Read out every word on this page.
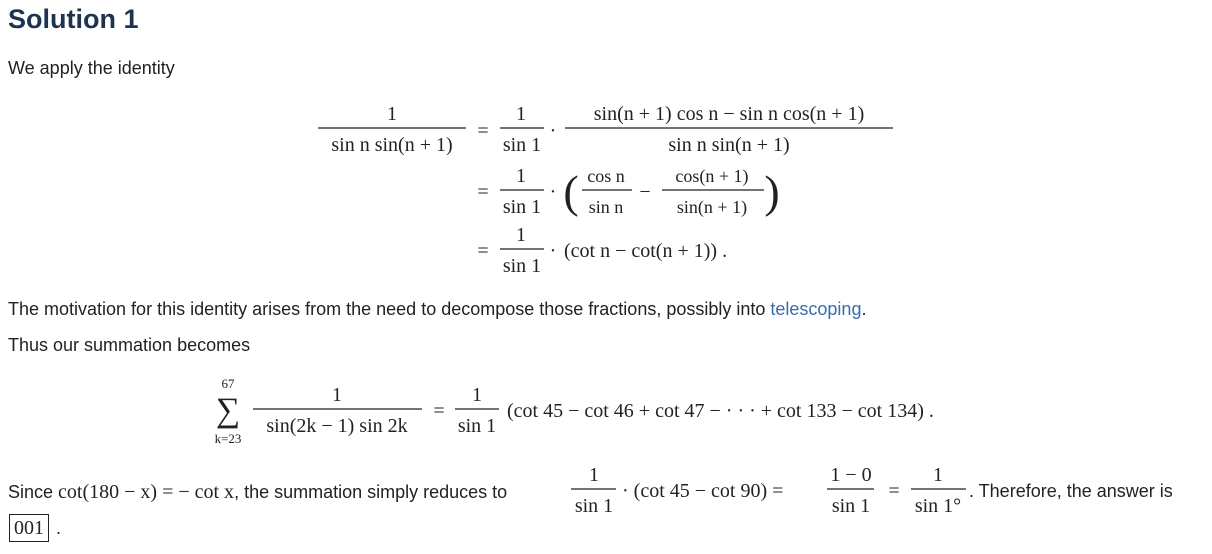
Solution 1
We apply the identity
1
sin n sin(n + 1)
=
1
sin 1
·
sin(n + 1) cos n − sin n cos(n + 1)
sin n sin(n + 1)
=
1
sin 1
· ( cos n
sin n
−
cos(n + 1)
sin(n + 1) )
=
1
sin 1
· (cot n − cot(n + 1)) .
67
∑
k=23
1
sin(2k − 1) sin 2k
=
1
sin 1
(cot 45 − cot 46 + cot 47 − · · · + cot 133 − cot 134) .
1
sin 1
· (cot 45 − cot 90) =
1 − 0
sin 1
=
1
sin 1°
The motivation for this identity arises from the need to decompose those fractions, possibly into telescoping.
Thus our summation becomes
Since cot(180 − x) = − cot x, the summation simply reduces to	. Therefore, the answer is
001 .
